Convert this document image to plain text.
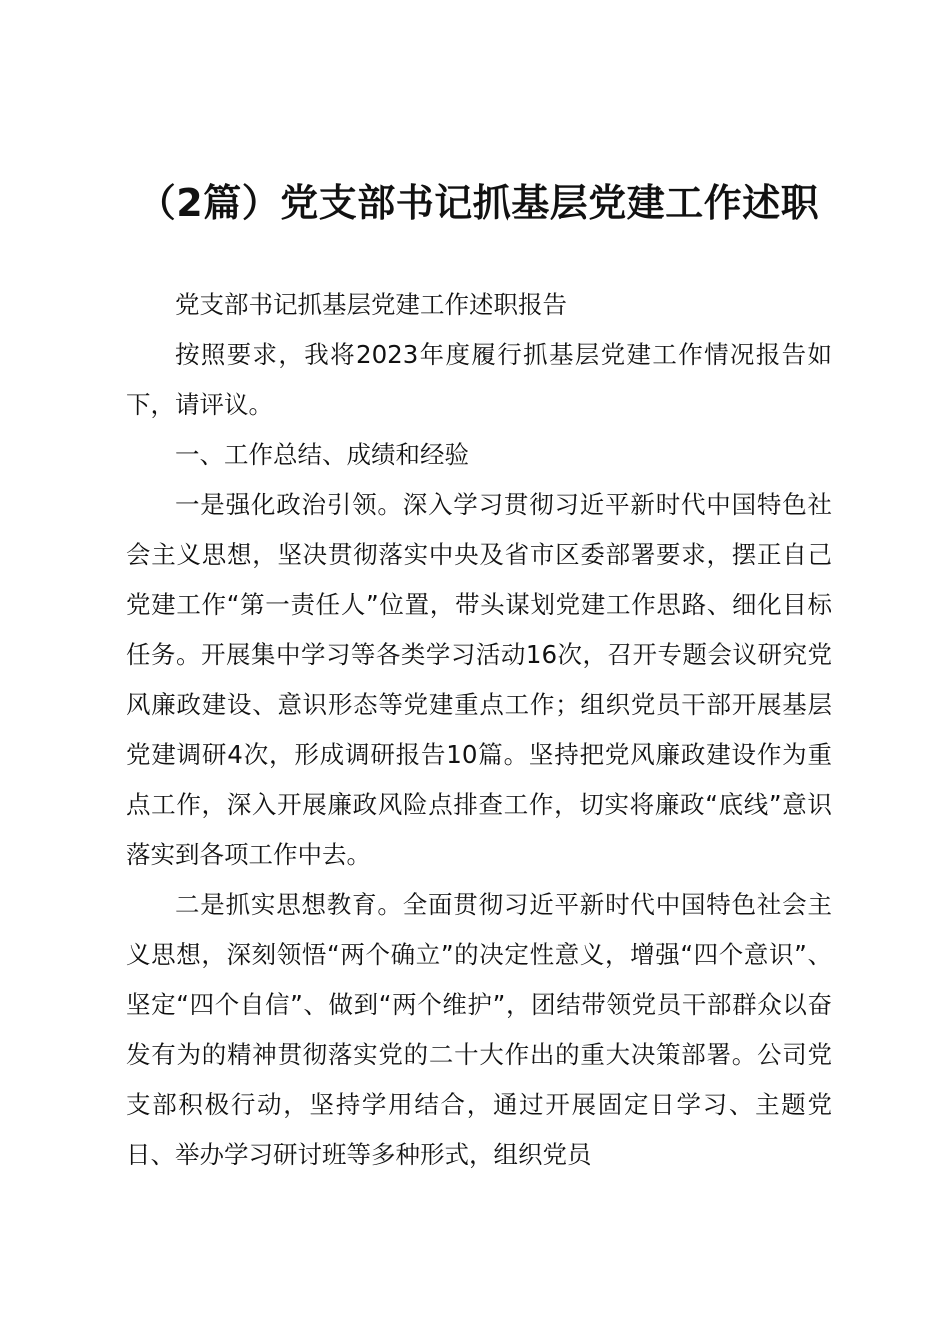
（2篇）党支部书记抓基层党建工作述职

党支部书记抓基层党建工作述职报告

按照要求，我将2023年度履行抓基层党建工作情况报告如下，请评议。

一、工作总结、成绩和经验

一是强化政治引领。深入学习贯彻习近平新时代中国特色社会主义思想，坚决贯彻落实中央及省市区委部署要求，摆正自己党建工作“第一责任人”位置，带头谋划党建工作思路、细化目标任务。开展集中学习等各类学习活动16次，召开专题会议研究党风廉政建设、意识形态等党建重点工作；组织党员干部开展基层党建调研4次，形成调研报告10篇。坚持把党风廉政建设作为重点工作，深入开展廉政风险点排查工作，切实将廉政“底线”意识落实到各项工作中去。

二是抓实思想教育。全面贯彻习近平新时代中国特色社会主义思想，深刻领悟“两个确立”的决定性意义，增强“四个意识”、坚定“四个自信”、做到“两个维护”，团结带领党员干部群众以奋发有为的精神贯彻落实党的二十大作出的重大决策部署。公司党支部积极行动，坚持学用结合，通过开展固定日学习、主题党日、举办学习研讨班等多种形式，组织党员
